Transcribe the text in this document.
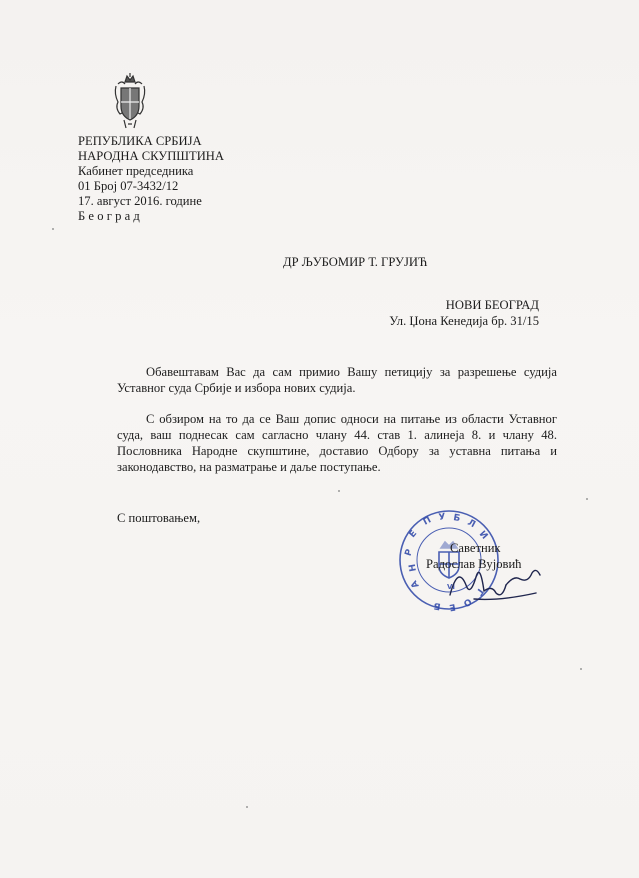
РЕПУБЛИКА СРБИЈА
НАРОДНА СКУПШТИНА
Кабинет председника
01 Број 07-3432/12
17. август 2016. године
Београд
ДР ЉУБОМИР Т. ГРУЈИЋ
НОВИ БЕОГРАД
Ул. Џона Кенедија бр. 31/15
Обавештавам Вас да сам примио Вашу петицију за разрешење судија Уставног суда Србије и избора нових судија.
С обзиром на то да се Ваш допис односи на питање из области Уставног суда, ваш поднесак сам сагласно члану 44. став 1. алинеја 8. и члану 48. Пословника Народне скупштине, доставио Одбору за уставна питања и законодавство, на разматрање и даље поступање.
С поштовањем,
Р
Е
П У Б Л
И
Н
А
Б Е О
Г
VI
Саветник
Радослав Вујовић
